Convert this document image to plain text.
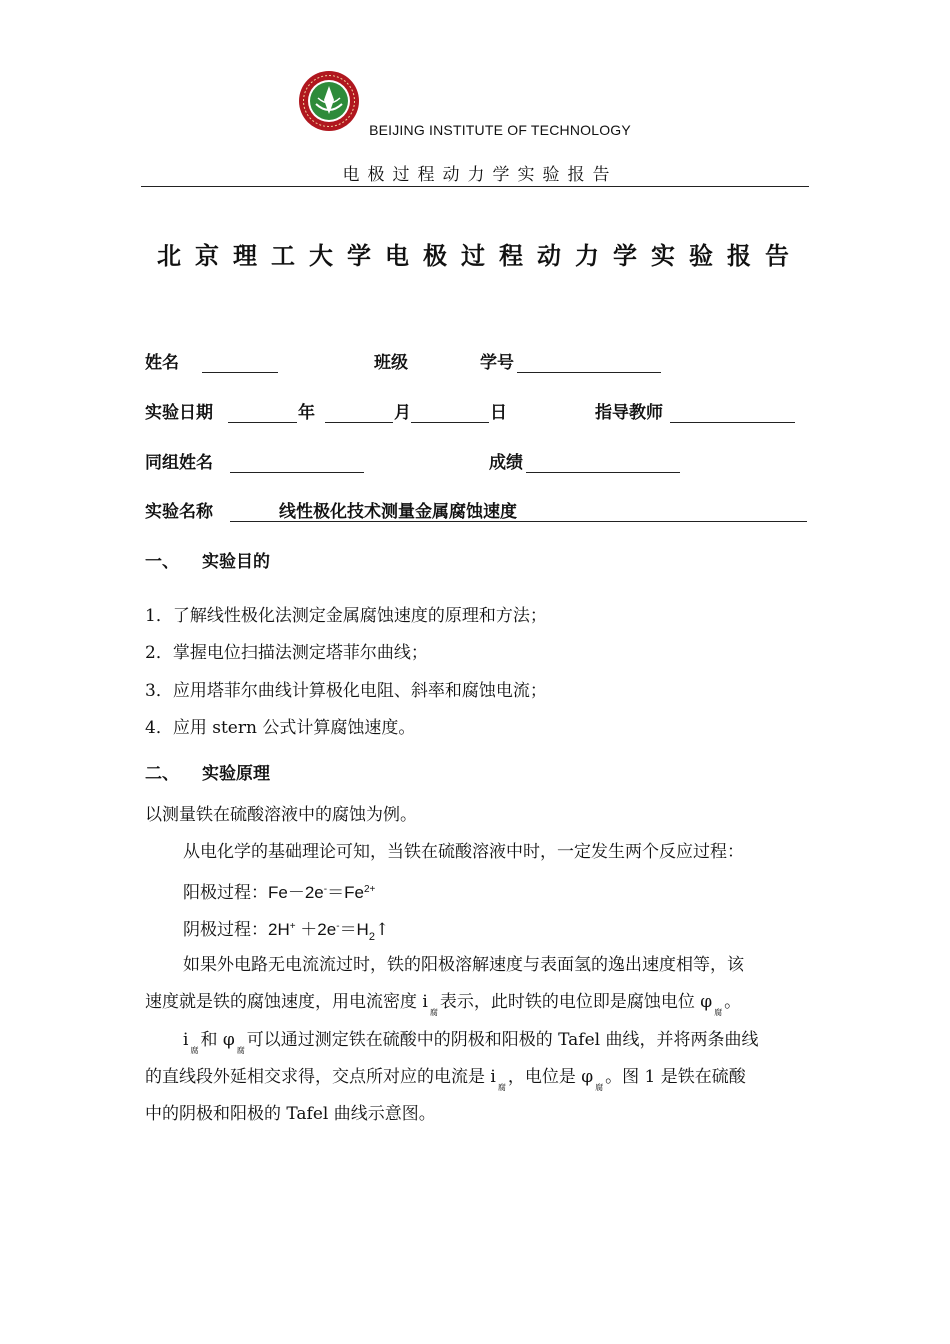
BEIJING INSTITUTE OF TECHNOLOGY
电极过程动力学实验报告
北京理工大学电极过程动力学实验报告
姓名	班级	学号
实验日期	年	月	日	指导教师
同组姓名	成绩
实验名称	线性极化技术测量金属腐蚀速度
一、 实验目的
1．了解线性极化法测定金属腐蚀速度的原理和方法；
2．掌握电位扫描法测定塔菲尔曲线；
3．应用塔菲尔曲线计算极化电阻、斜率和腐蚀电流；
4．应用 stern 公式计算腐蚀速度。
二、 实验原理
以测量铁在硫酸溶液中的腐蚀为例。
从电化学的基础理论可知，当铁在硫酸溶液中时，一定发生两个反应过程：
阳极过程：$Fe-2e^-=Fe^{2+}$
阴极过程：$2H^+ +2e^-=H_2↑$
如果外电路无电流流过时，铁的阳极溶解速度与表面氢的逸出速度相等，该
速度就是铁的腐蚀速度，用电流密度 $i_腐$表示，此时铁的电位即是腐蚀电位 $\varphi_腐$。
$i_腐$和 $\varphi_腐$可以通过测定铁在硫酸中的阴极和阳极的 Tafel 曲线，并将两条曲线
的直线段外延相交求得，交点所对应的电流是 $i_腐$，电位是 $\varphi_腐$。图 1 是铁在硫酸
中的阴极和阳极的 Tafel 曲线示意图。
